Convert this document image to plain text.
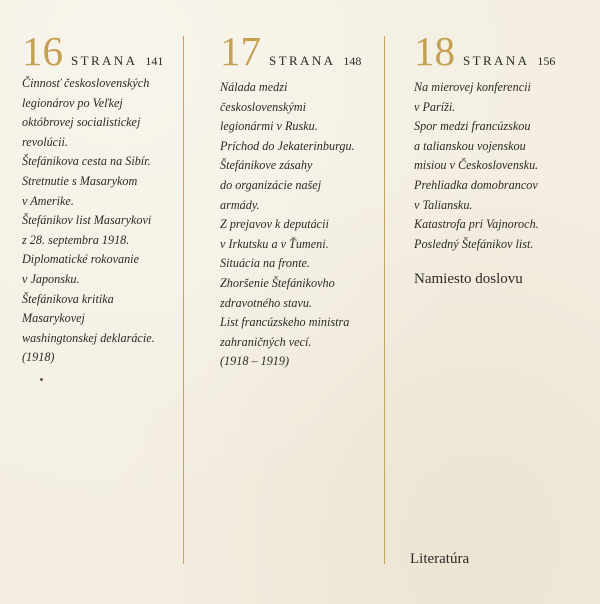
16 STRANA 141
Činnosť československých
legionárov po Veľkej
októbrovej socialistickej
revolúcii.
Štefánikova cesta na Sibír.
Stretnutie s Masarykom
v Amerike.
Štefánikov list Masarykovi
z 28. septembra 1918.
Diplomatické rokovanie
v Japonsku.
Štefánikova kritika
Masarykovej
washingtonskej deklarácie.
(1918)
17 STRANA 148
Nálada medzi
československými
legionármi v Rusku.
Príchod do Jekaterinburgu.
Štefánikove zásahy
do organizácie našej
armády.
Z prejavov k deputácii
v Irkutsku a v Ťumeni.
Situácia na fronte.
Zhoršenie Štefánikovho
zdravotného stavu.
List francúzskeho ministra
zahraničných vecí.
(1918 – 1919)
18 STRANA 156
Na mierovej konferencii
v Paríži.
Spor medzi francúzskou
a talianskou vojenskou
misiou v Československu.
Prehliadka domobrancov
v Taliansku.
Katastrofa pri Vajnoroch.
Posledný Štefánikov list.
Namiesto doslovu
Literatúra
